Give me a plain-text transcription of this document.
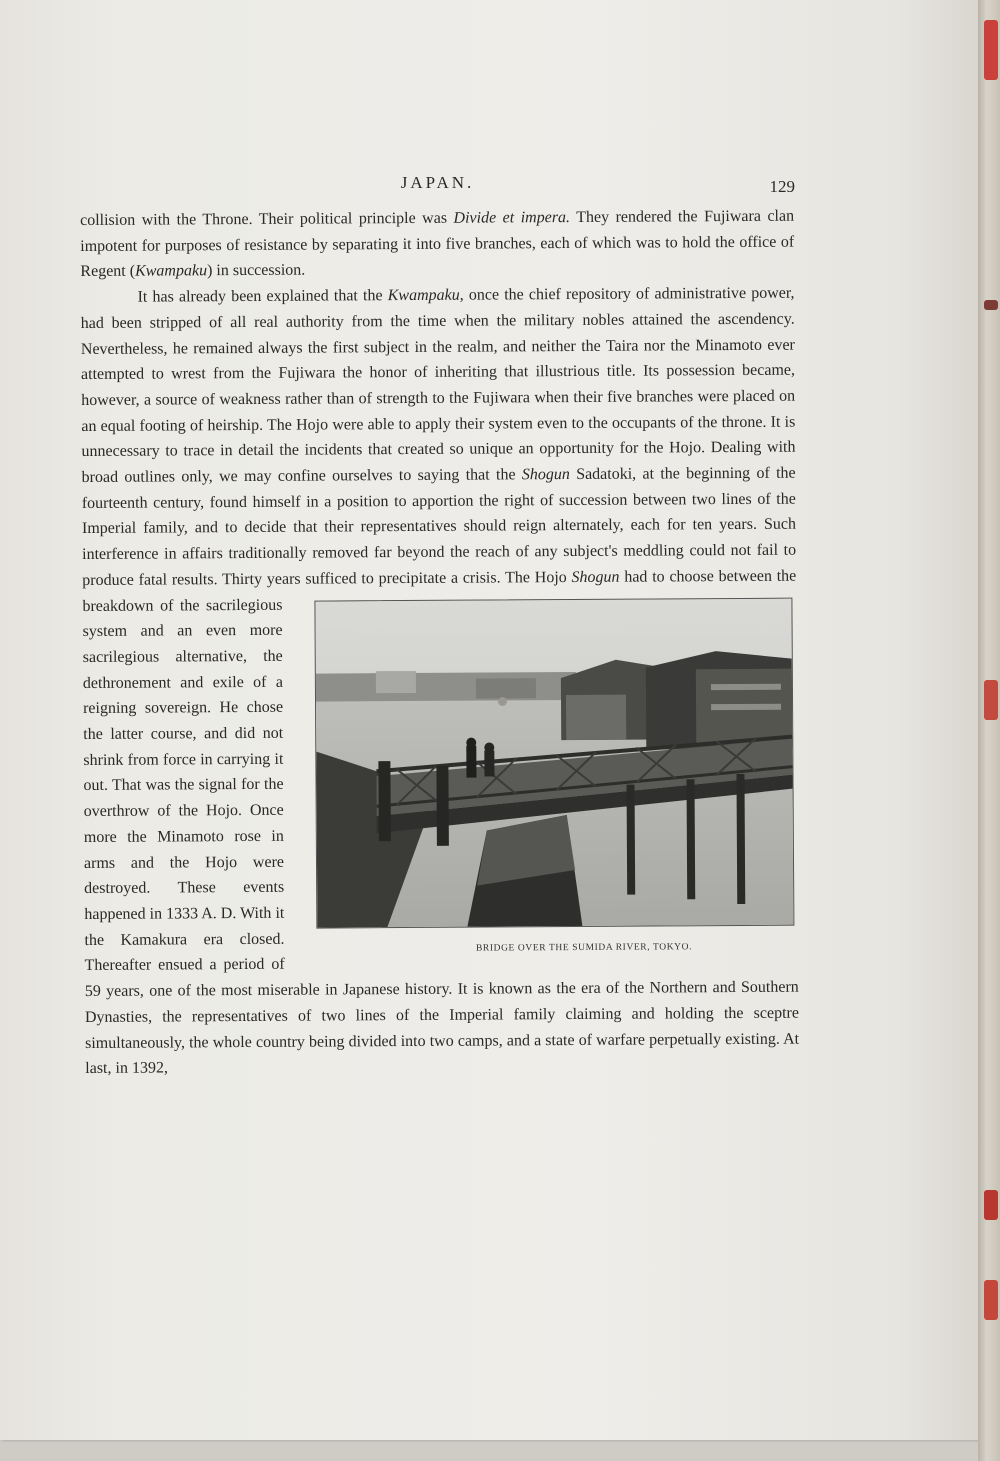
JAPAN.	129

collision with the Throne. Their political principle was Divide et impera. They rendered the Fujiwara clan impotent for purposes of resistance by separating it into five branches, each of which was to hold the office of Regent (Kwampaku) in succession.

It has already been explained that the Kwampaku, once the chief repository of administrative power, had been stripped of all real authority from the time when the military nobles attained the ascendency. Nevertheless, he remained always the first subject in the realm, and neither the Taira nor the Minamoto ever attempted to wrest from the Fujiwara the honor of inheriting that illustrious title. Its possession became, however, a source of weakness rather than of strength to the Fujiwara when their five branches were placed on an equal footing of heirship. The Hojo were able to apply their system even to the occupants of the throne. It is unnecessary to trace in detail the incidents that created so unique an opportunity for the Hojo. Dealing with broad outlines only, we may confine ourselves to saying that the Shogun Sadatoki, at the beginning of the fourteenth century, found himself in a position to apportion the right of succession between two lines of the Imperial family, and to decide that their representatives should reign alternately, each for ten years. Such interference in affairs traditionally removed far beyond the reach of any subject's meddling could not fail to produce fatal results. Thirty years sufficed to precipitate a crisis. The Hojo Shogun
BRIDGE OVER THE SUMIDA RIVER, TOKYO.
had to choose between the breakdown of the sacrilegious system and an even more sacrilegious alternative, the dethronement and exile of a reigning sovereign. He chose the latter course, and did not shrink from force in carrying it out. That was the signal for the overthrow of the Hojo. Once more the Minamoto rose in arms and the Hojo were destroyed. These events happened in 1333 A. D. With it the Kamakura era closed. Thereafter ensued a period of 59 years, one of the most miserable in Japanese history. It is known as the era of the Northern and Southern Dynasties, the representatives of two lines of the Imperial family claiming and holding the sceptre simultaneously, the whole country being divided into two camps, and a state of warfare perpetually existing. At last, in 1392,
